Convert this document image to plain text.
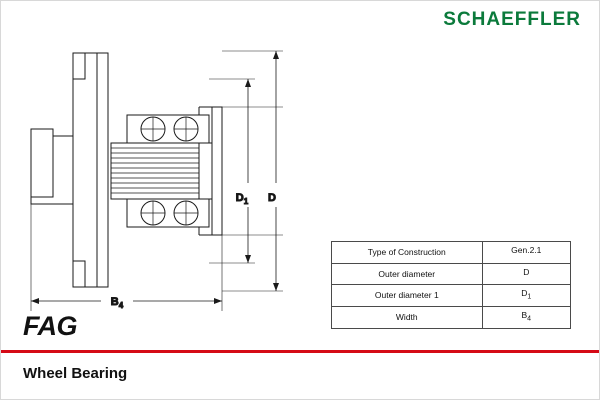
SCHAEFFLER
$D_1$ D
$B_4$
Type of Construction	Gen.2.1
Outer diameter	D
Outer diameter 1	$D_1$
Width	$B_4$
FAG
Wheel Bearing
